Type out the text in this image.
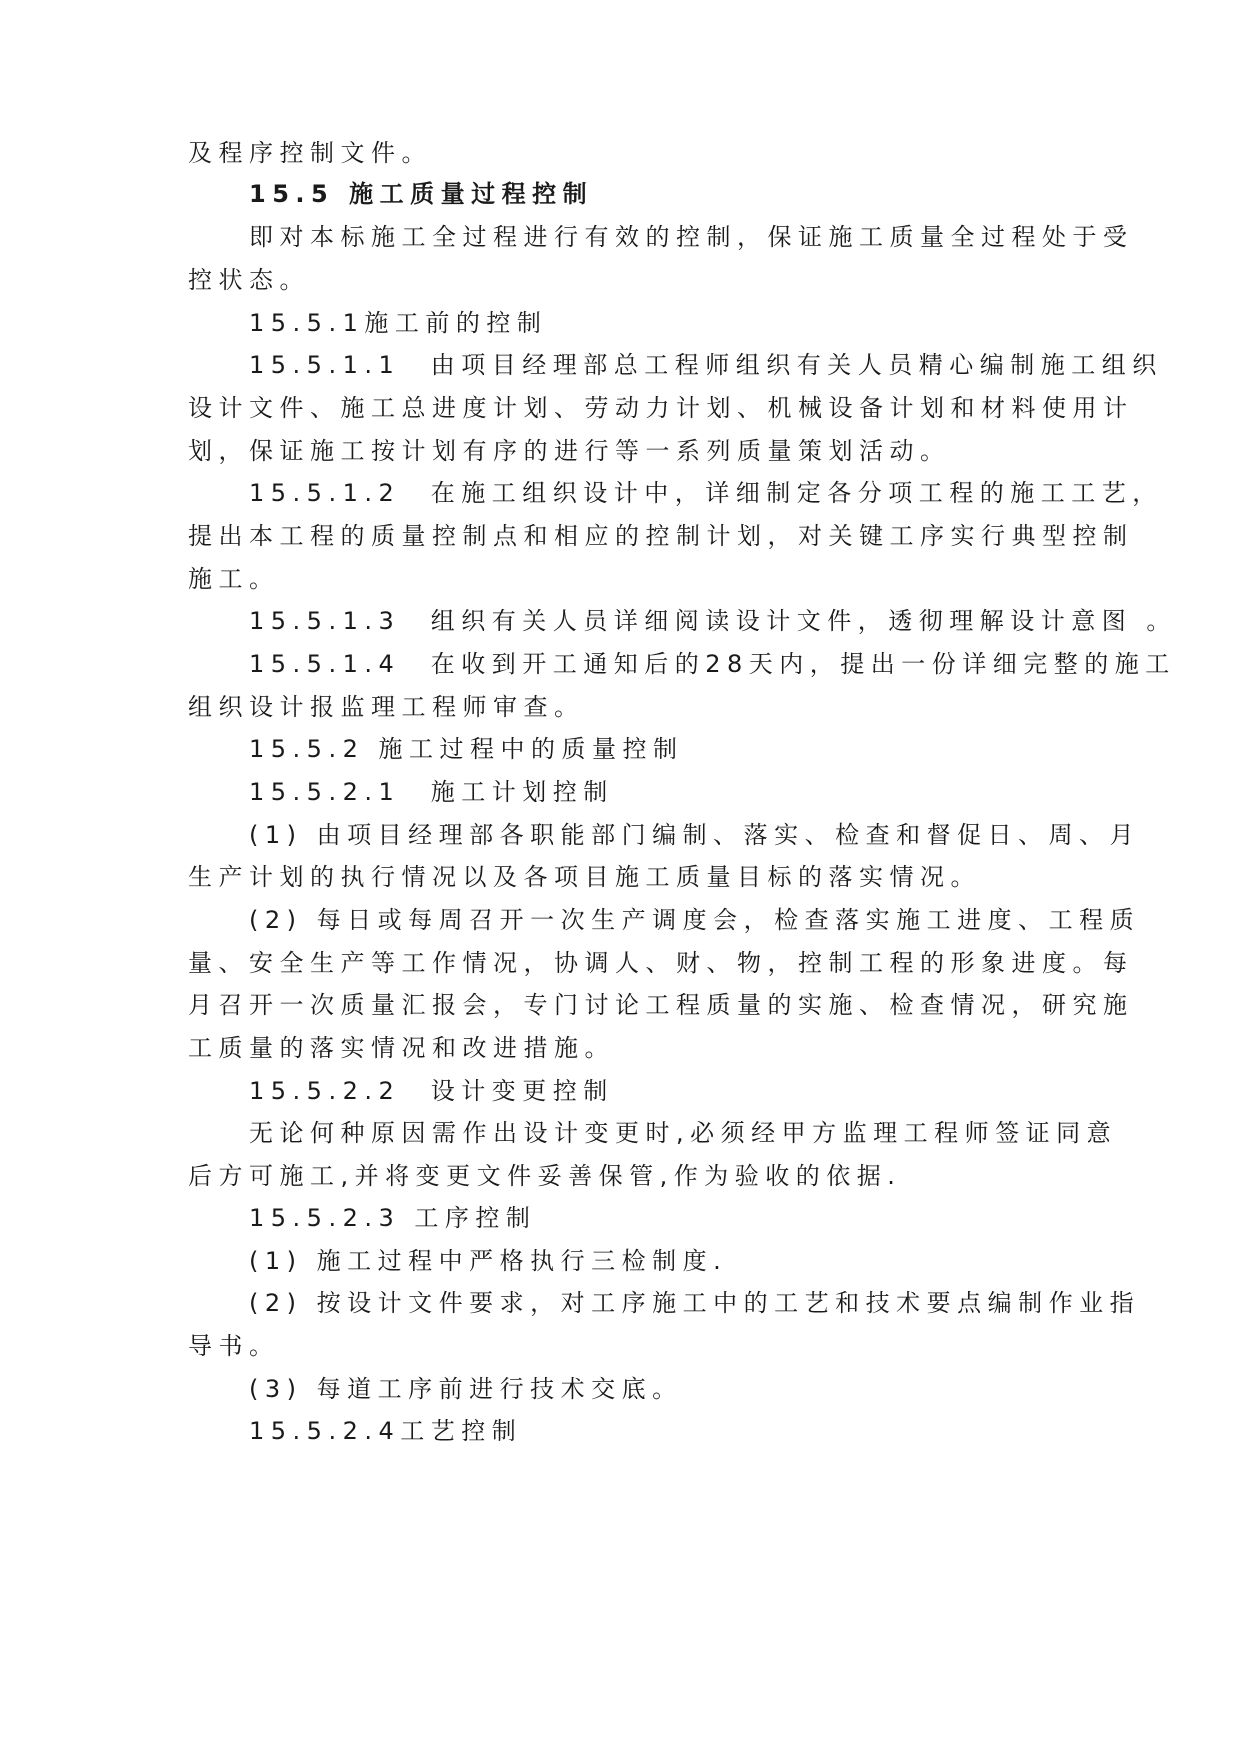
及程序控制文件。
15.5 施工质量过程控制
即对本标施工全过程进行有效的控制，保证施工质量全过程处于受
控状态。
15.5.1施工前的控制
15.5.1.1　由项目经理部总工程师组织有关人员精心编制施工组织
设计文件、施工总进度计划、劳动力计划、机械设备计划和材料使用计
划，保证施工按计划有序的进行等一系列质量策划活动。
15.5.1.2　在施工组织设计中，详细制定各分项工程的施工工艺，
提出本工程的质量控制点和相应的控制计划，对关键工序实行典型控制
施工。
15.5.1.3　组织有关人员详细阅读设计文件，透彻理解设计意图 。
15.5.1.4　在收到开工通知后的28天内，提出一份详细完整的施工
组织设计报监理工程师审查。
15.5.2 施工过程中的质量控制
15.5.2.1　施工计划控制
(1) 由项目经理部各职能部门编制、落实、检查和督促日、周、月
生产计划的执行情况以及各项目施工质量目标的落实情况。
(2) 每日或每周召开一次生产调度会，检查落实施工进度、工程质
量、安全生产等工作情况，协调人、财、物，控制工程的形象进度。每
月召开一次质量汇报会，专门讨论工程质量的实施、检查情况，研究施
工质量的落实情况和改进措施。
15.5.2.2　设计变更控制
无论何种原因需作出设计变更时,必须经甲方监理工程师签证同意
后方可施工,并将变更文件妥善保管,作为验收的依据.
15.5.2.3 工序控制
(1) 施工过程中严格执行三检制度.
(2) 按设计文件要求，对工序施工中的工艺和技术要点编制作业指
导书。
(3) 每道工序前进行技术交底。
15.5.2.4工艺控制
